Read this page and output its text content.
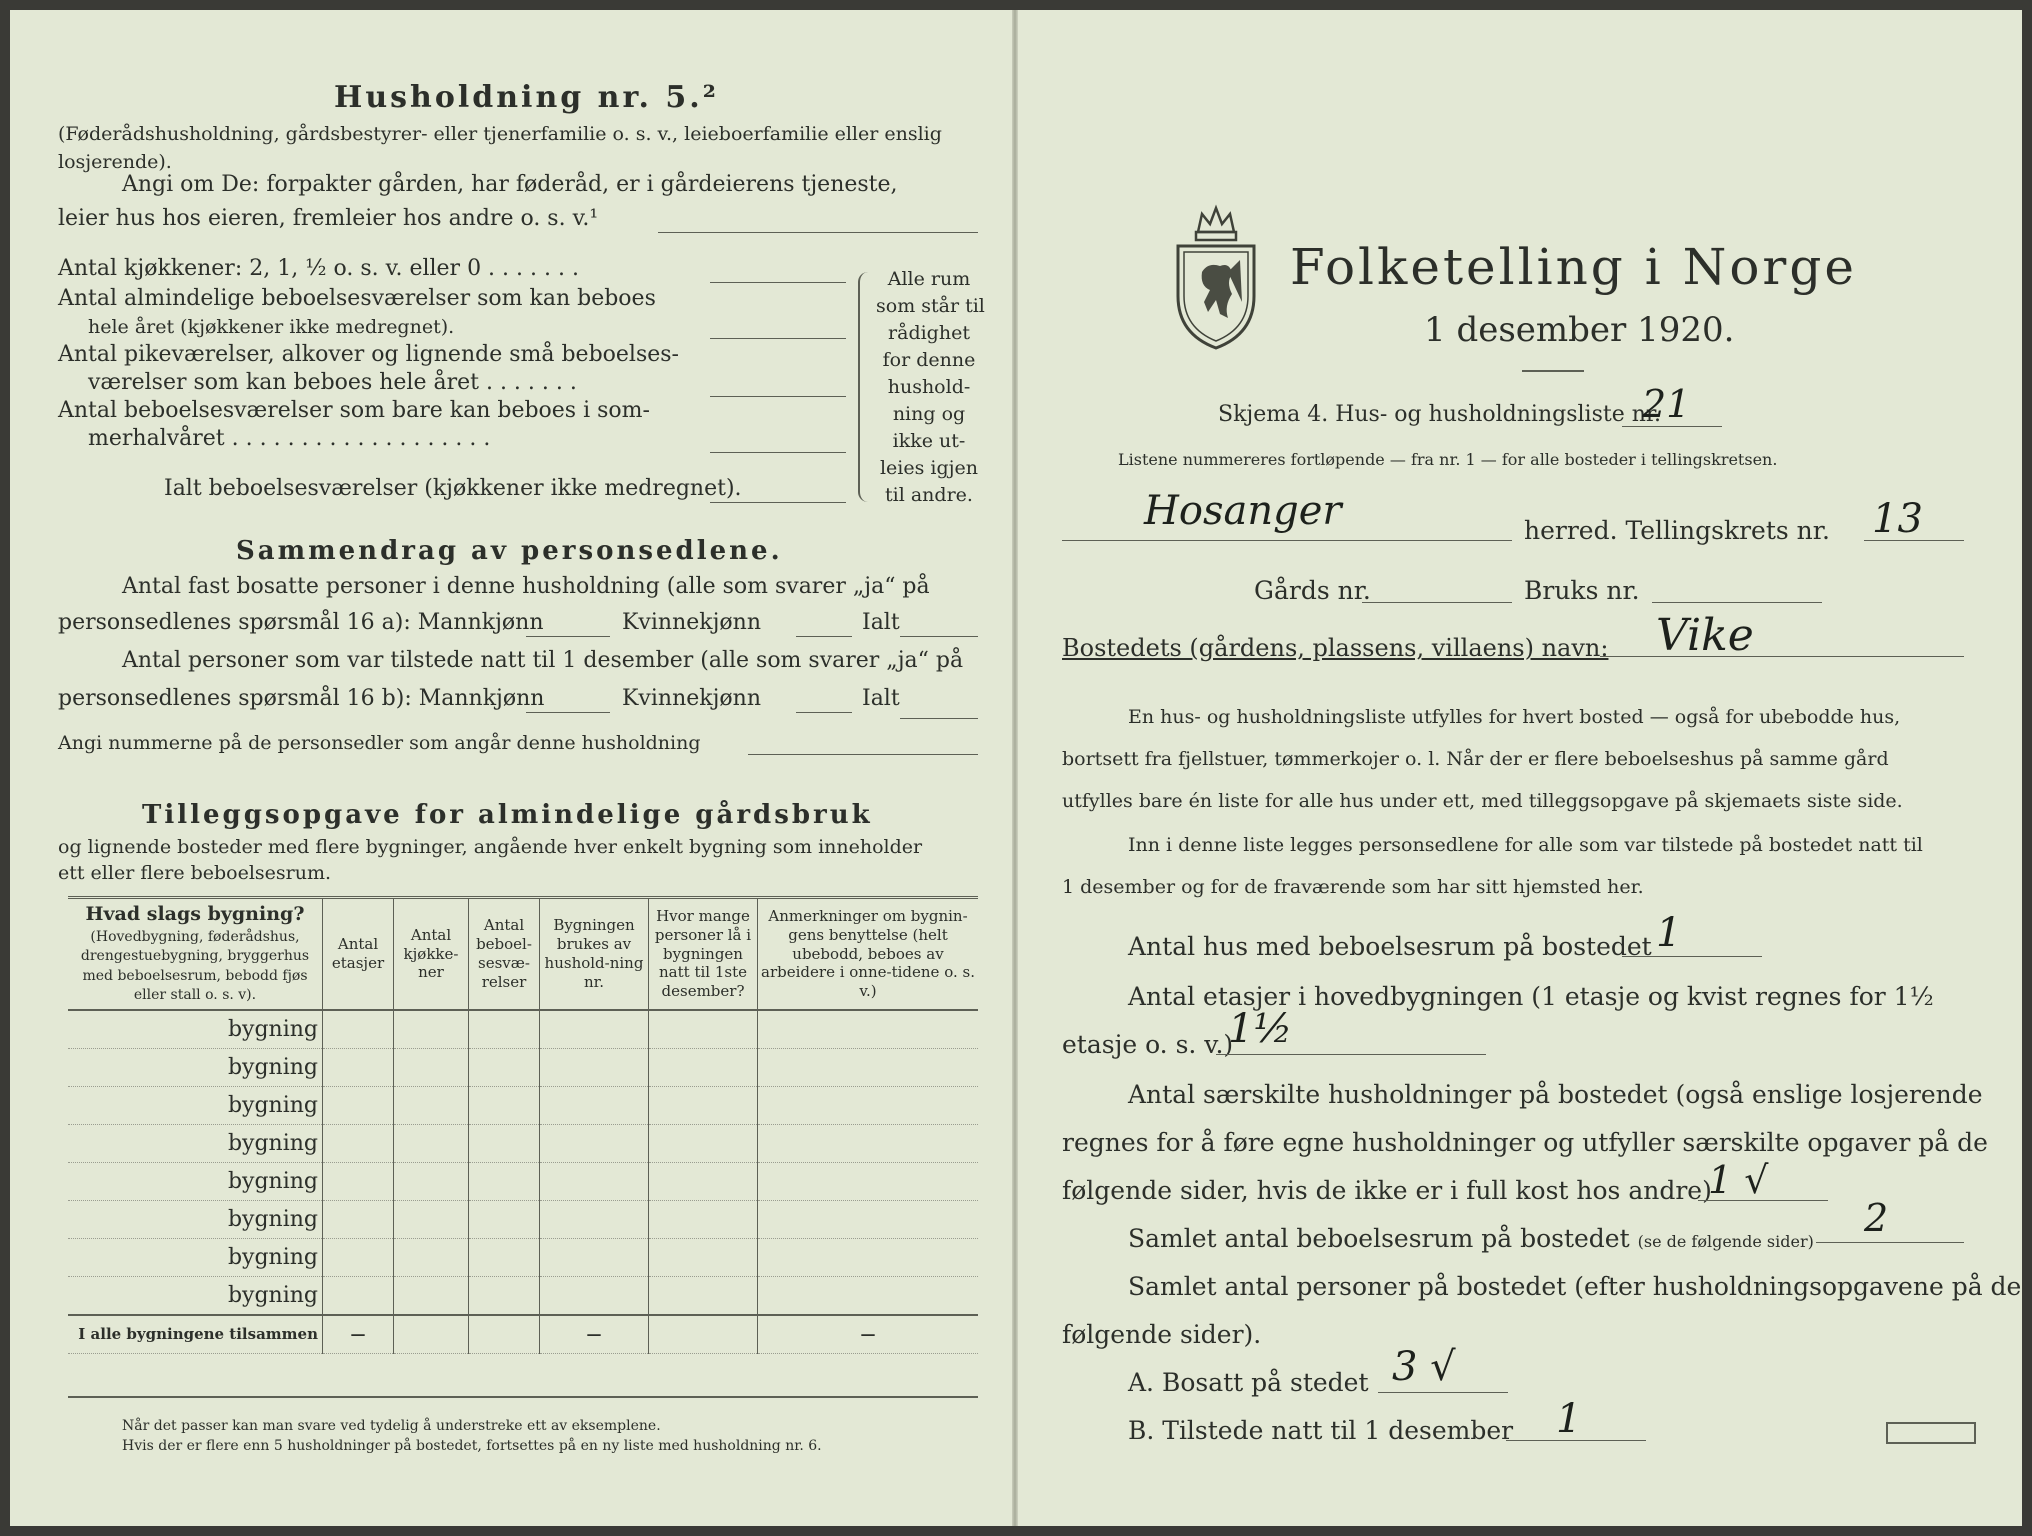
Husholdning nr. 5.²
(Føderådshusholdning, gårdsbestyrer- eller tjenerfamilie o. s. v., leieboerfamilie eller enslig losjerende).
Angi om De: forpakter gården, har føderåd, er i gårdeierens tjeneste,
leier hus hos eieren, fremleier hos andre o. s. v.¹
Antal kjøkkener: 2, 1, ½ o. s. v. eller 0 . . . . . . .
Antal almindelige beboelsesværelser som kan beboes
hele året (kjøkkener ikke medregnet).
Antal pikeværelser, alkover og lignende små beboelses-
værelser som kan beboes hele året . . . . . . .
Antal beboelsesværelser som bare kan beboes i som-
merhalvåret . . . . . . . . . . . . . . . . . . .
Ialt beboelsesværelser (kjøkkener ikke medregnet).
Alle rum
som står til
rådighet
for denne
hushold-
ning og
ikke ut-
leies igjen
til andre.
Sammendrag av personsedlene.
Antal fast bosatte personer i denne husholdning (alle som svarer „ja“ på
personsedlenes spørsmål 16 a): Mannkjønn	Kvinnekjønn	Ialt
Antal personer som var tilstede natt til 1 desember (alle som svarer „ja“ på
personsedlenes spørsmål 16 b): Mannkjønn	Kvinnekjønn	Ialt
Angi nummerne på de personsedler som angår denne husholdning
Tilleggsopgave for almindelige gårdsbruk
og lignende bosteder med flere bygninger, angående hver enkelt bygning som inneholder
ett eller flere beboelsesrum.
Hvad slags bygning?
(Hovedbygning, føderådshus, drengestuebygning, bryggerhus med beboelsesrum, bebodd fjøs eller stall o. s. v).	Antal etasjer	Antal kjøkke-ner	Antal beboel-sesvæ-relser	Bygningen brukes av hushold-ning nr.	Hvor mange personer lå i bygningen natt til 1ste desember?	Anmerkninger om bygnin-gens benyttelse (helt ubebodd, beboes av arbeidere i onne-tidene o. s. v.)
bygning						
bygning						
bygning						
bygning						
bygning						
bygning						
bygning						
bygning						
I alle bygningene tilsammen	—			—		—
Når det passer kan man svare ved tydelig å understreke ett av eksemplene.
Hvis der er flere enn 5 husholdninger på bostedet, fortsettes på en ny liste med husholdning nr. 6.
Folketelling i Norge
1 desember 1920.
Skjema 4. Hus- og husholdningsliste nr.
21
Listene nummereres fortløpende — fra nr. 1 — for alle bosteder i tellingskretsen.
Hosanger	herred. Tellingskrets nr. 13
Gårds nr.	Bruks nr.
Bostedets (gårdens, plassens, villaens) navn: Vike
En hus- og husholdningsliste utfylles for hvert bosted — også for ubebodde hus,
bortsett fra fjellstuer, tømmerkojer o. l. Når der er flere beboelseshus på samme gård
utfylles bare én liste for alle hus under ett, med tilleggsopgave på skjemaets siste side.
Inn i denne liste legges personsedlene for alle som var tilstede på bostedet natt til
1 desember og for de fraværende som har sitt hjemsted her.
Antal hus med beboelsesrum på bostedet 1
Antal etasjer i hovedbygningen (1 etasje og kvist regnes for 1½
etasje o. s. v.)
1½
Antal særskilte husholdninger på bostedet (også enslige losjerende
regnes for å føre egne husholdninger og utfyller særskilte opgaver på de
følgende sider, hvis de ikke er i full kost hos andre)
1 √
Samlet antal beboelsesrum på bostedet (se de følgende sider)
2
Samlet antal personer på bostedet (efter husholdningsopgavene på de
følgende sider).
A. Bosatt på stedet 3 √
B. Tilstede natt til 1 desember 1
